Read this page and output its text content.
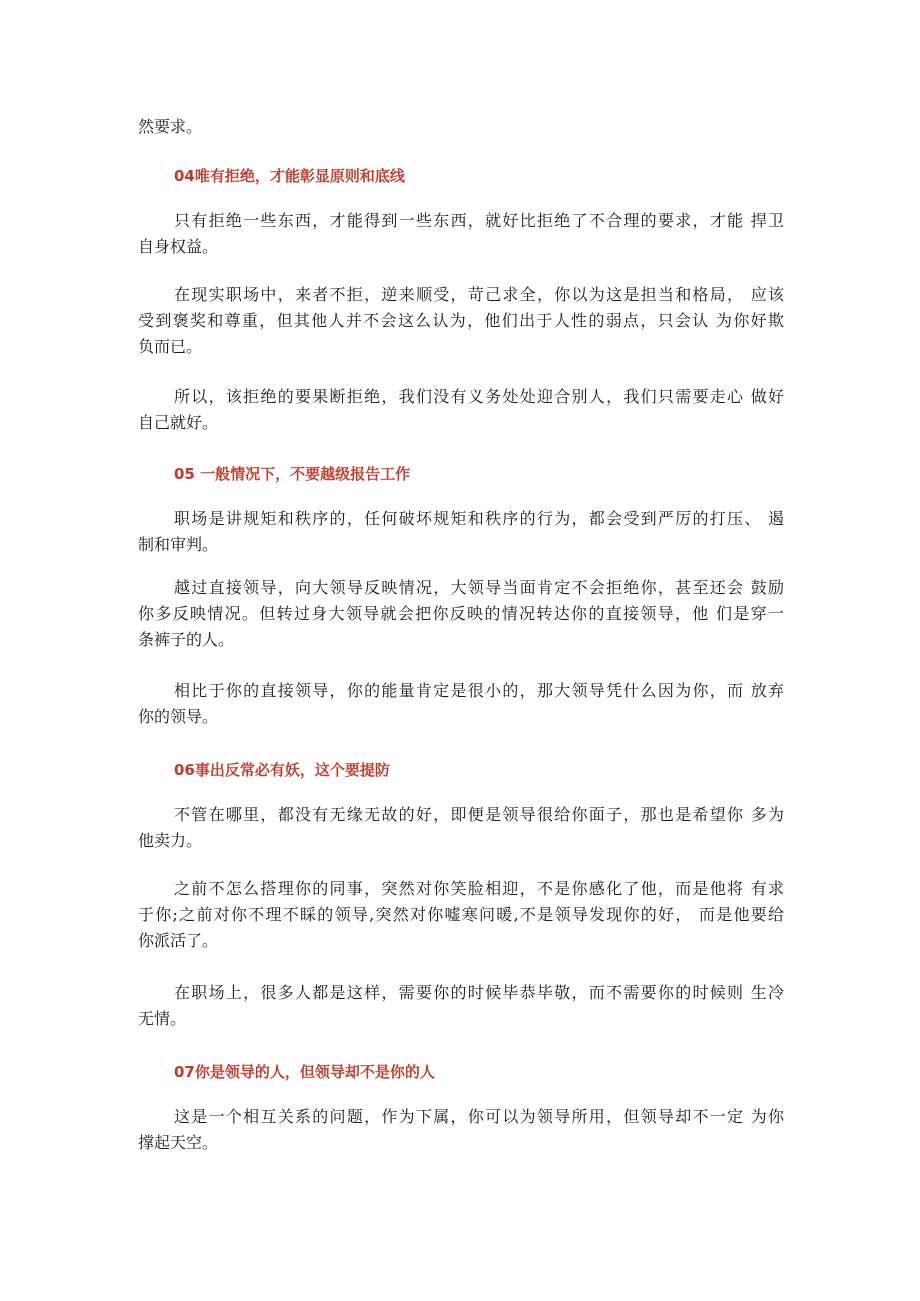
然要求。
04唯有拒绝，才能彰显原则和底线
只有拒绝一些东西，才能得到一些东西，就好比拒绝了不合理的要求，才能 捍卫
自身权益。
在现实职场中，来者不拒，逆来顺受，苛己求全，你以为这是担当和格局， 应该
受到褒奖和尊重，但其他人并不会这么认为，他们出于人性的弱点，只会认 为你好欺
负而已。
所以，该拒绝的要果断拒绝，我们没有义务处处迎合别人，我们只需要走心 做好
自己就好。
05 一般情况下，不要越级报告工作
职场是讲规矩和秩序的，任何破坏规矩和秩序的行为，都会受到严厉的打压、 遏
制和审判。
越过直接领导，向大领导反映情况，大领导当面肯定不会拒绝你，甚至还会 鼓励
你多反映情况。但转过身大领导就会把你反映的情况转达你的直接领导，他 们是穿一
条裤子的人。
相比于你的直接领导，你的能量肯定是很小的，那大领导凭什么因为你，而 放弃
你的领导。
06事出反常必有妖，这个要提防
不管在哪里，都没有无缘无故的好，即便是领导很给你面子，那也是希望你 多为
他卖力。
之前不怎么搭理你的同事，突然对你笑脸相迎，不是你感化了他，而是他将 有求
于你;之前对你不理不睬的领导,突然对你嘘寒问暖,不是领导发现你的好， 而是他要给
你派活了。
在职场上，很多人都是这样，需要你的时候毕恭毕敬，而不需要你的时候则 生冷
无情。
07你是领导的人，但领导却不是你的人
这是一个相互关系的问题，作为下属，你可以为领导所用，但领导却不一定 为你
撑起天空。
